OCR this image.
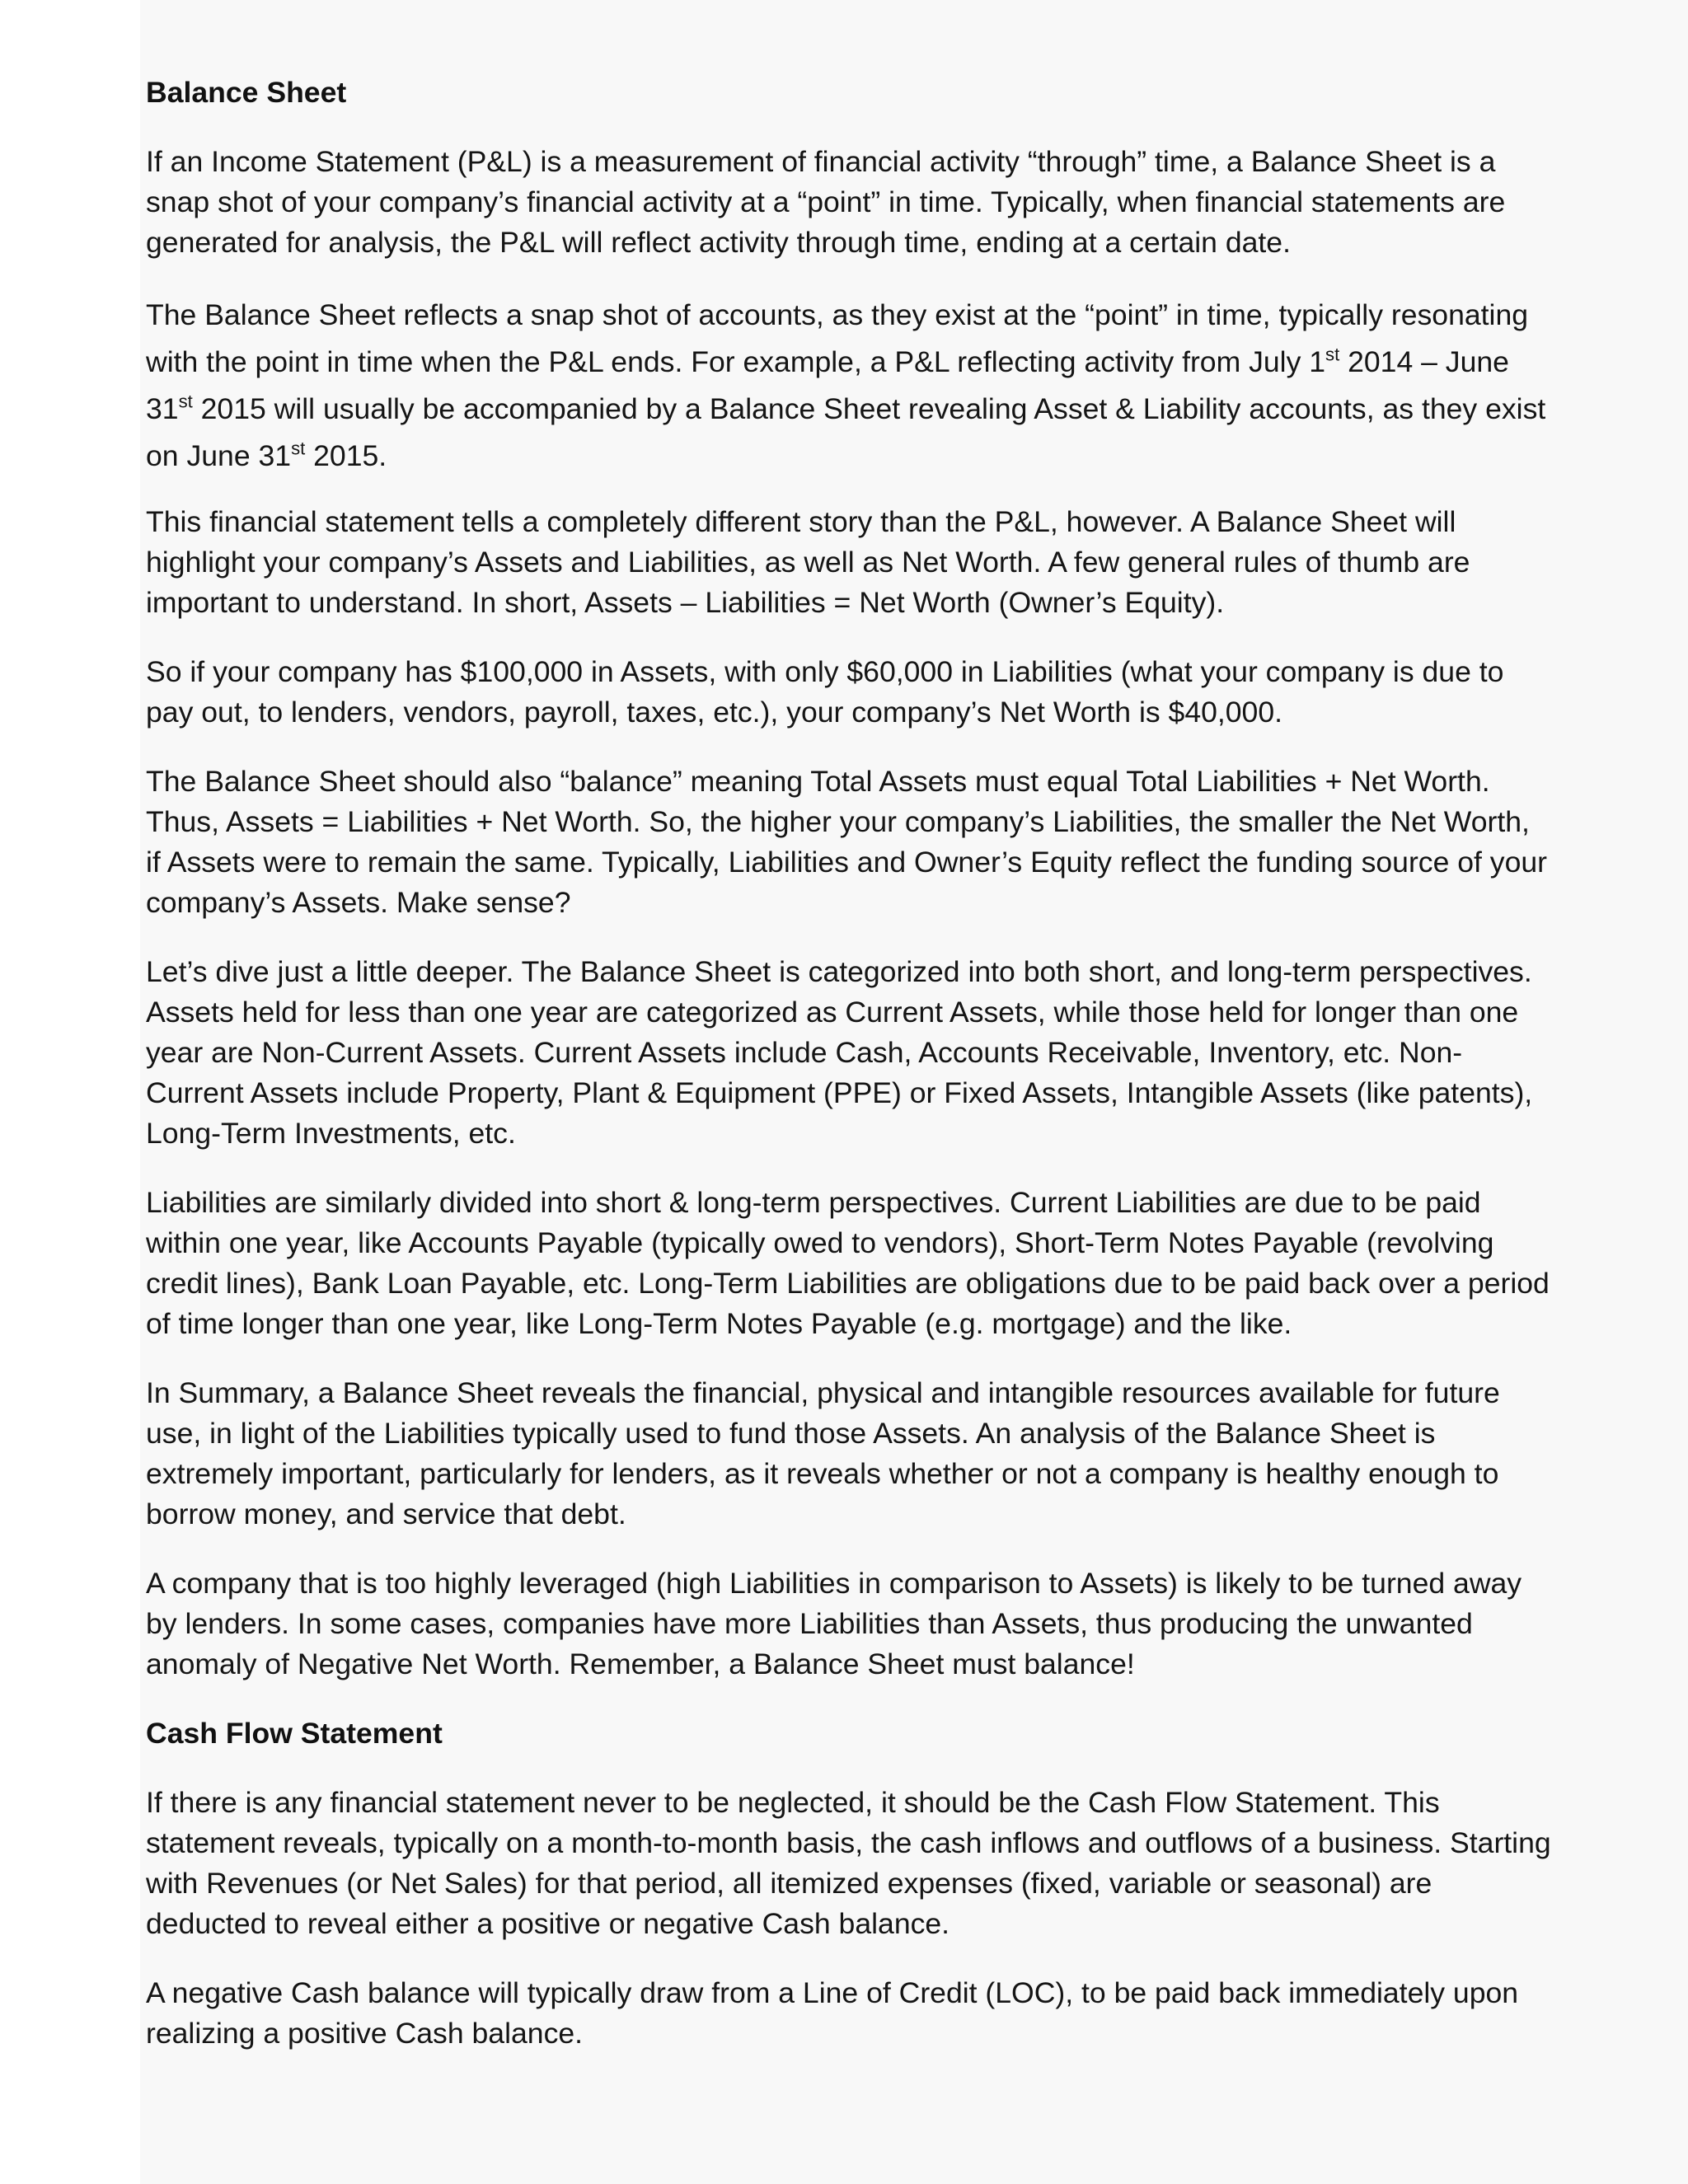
Balance Sheet

If an Income Statement (P&L) is a measurement of financial activity “through” time, a Balance Sheet is a snap shot of your company’s financial activity at a “point” in time. Typically, when financial statements are generated for analysis, the P&L will reflect activity through time, ending at a certain date.

The Balance Sheet reflects a snap shot of accounts, as they exist at the “point” in time, typically resonating with the point in time when the P&L ends. For example, a P&L reflecting activity from July 1st 2014 – June 31st 2015 will usually be accompanied by a Balance Sheet revealing Asset & Liability accounts, as they exist on June 31st 2015.

This financial statement tells a completely different story than the P&L, however. A Balance Sheet will highlight your company’s Assets and Liabilities, as well as Net Worth. A few general rules of thumb are important to understand. In short, Assets – Liabilities = Net Worth (Owner’s Equity).

So if your company has $100,000 in Assets, with only $60,000 in Liabilities (what your company is due to pay out, to lenders, vendors, payroll, taxes, etc.), your company’s Net Worth is $40,000.

The Balance Sheet should also “balance” meaning Total Assets must equal Total Liabilities + Net Worth. Thus, Assets = Liabilities + Net Worth. So, the higher your company’s Liabilities, the smaller the Net Worth, if Assets were to remain the same. Typically, Liabilities and Owner’s Equity reflect the funding source of your company’s Assets. Make sense?

Let’s dive just a little deeper. The Balance Sheet is categorized into both short, and long-term perspectives. Assets held for less than one year are categorized as Current Assets, while those held for longer than one year are Non-Current Assets. Current Assets include Cash, Accounts Receivable, Inventory, etc. Non-Current Assets include Property, Plant & Equipment (PPE) or Fixed Assets, Intangible Assets (like patents), Long-Term Investments, etc.

Liabilities are similarly divided into short & long-term perspectives. Current Liabilities are due to be paid within one year, like Accounts Payable (typically owed to vendors), Short-Term Notes Payable (revolving credit lines), Bank Loan Payable, etc. Long-Term Liabilities are obligations due to be paid back over a period of time longer than one year, like Long-Term Notes Payable (e.g. mortgage) and the like.

In Summary, a Balance Sheet reveals the financial, physical and intangible resources available for future use, in light of the Liabilities typically used to fund those Assets. An analysis of the Balance Sheet is extremely important, particularly for lenders, as it reveals whether or not a company is healthy enough to borrow money, and service that debt.

A company that is too highly leveraged (high Liabilities in comparison to Assets) is likely to be turned away by lenders. In some cases, companies have more Liabilities than Assets, thus producing the unwanted anomaly of Negative Net Worth. Remember, a Balance Sheet must balance!

Cash Flow Statement

If there is any financial statement never to be neglected, it should be the Cash Flow Statement. This statement reveals, typically on a month-to-month basis, the cash inflows and outflows of a business. Starting with Revenues (or Net Sales) for that period, all itemized expenses (fixed, variable or seasonal) are deducted to reveal either a positive or negative Cash balance.

A negative Cash balance will typically draw from a Line of Credit (LOC), to be paid back immediately upon realizing a positive Cash balance.
